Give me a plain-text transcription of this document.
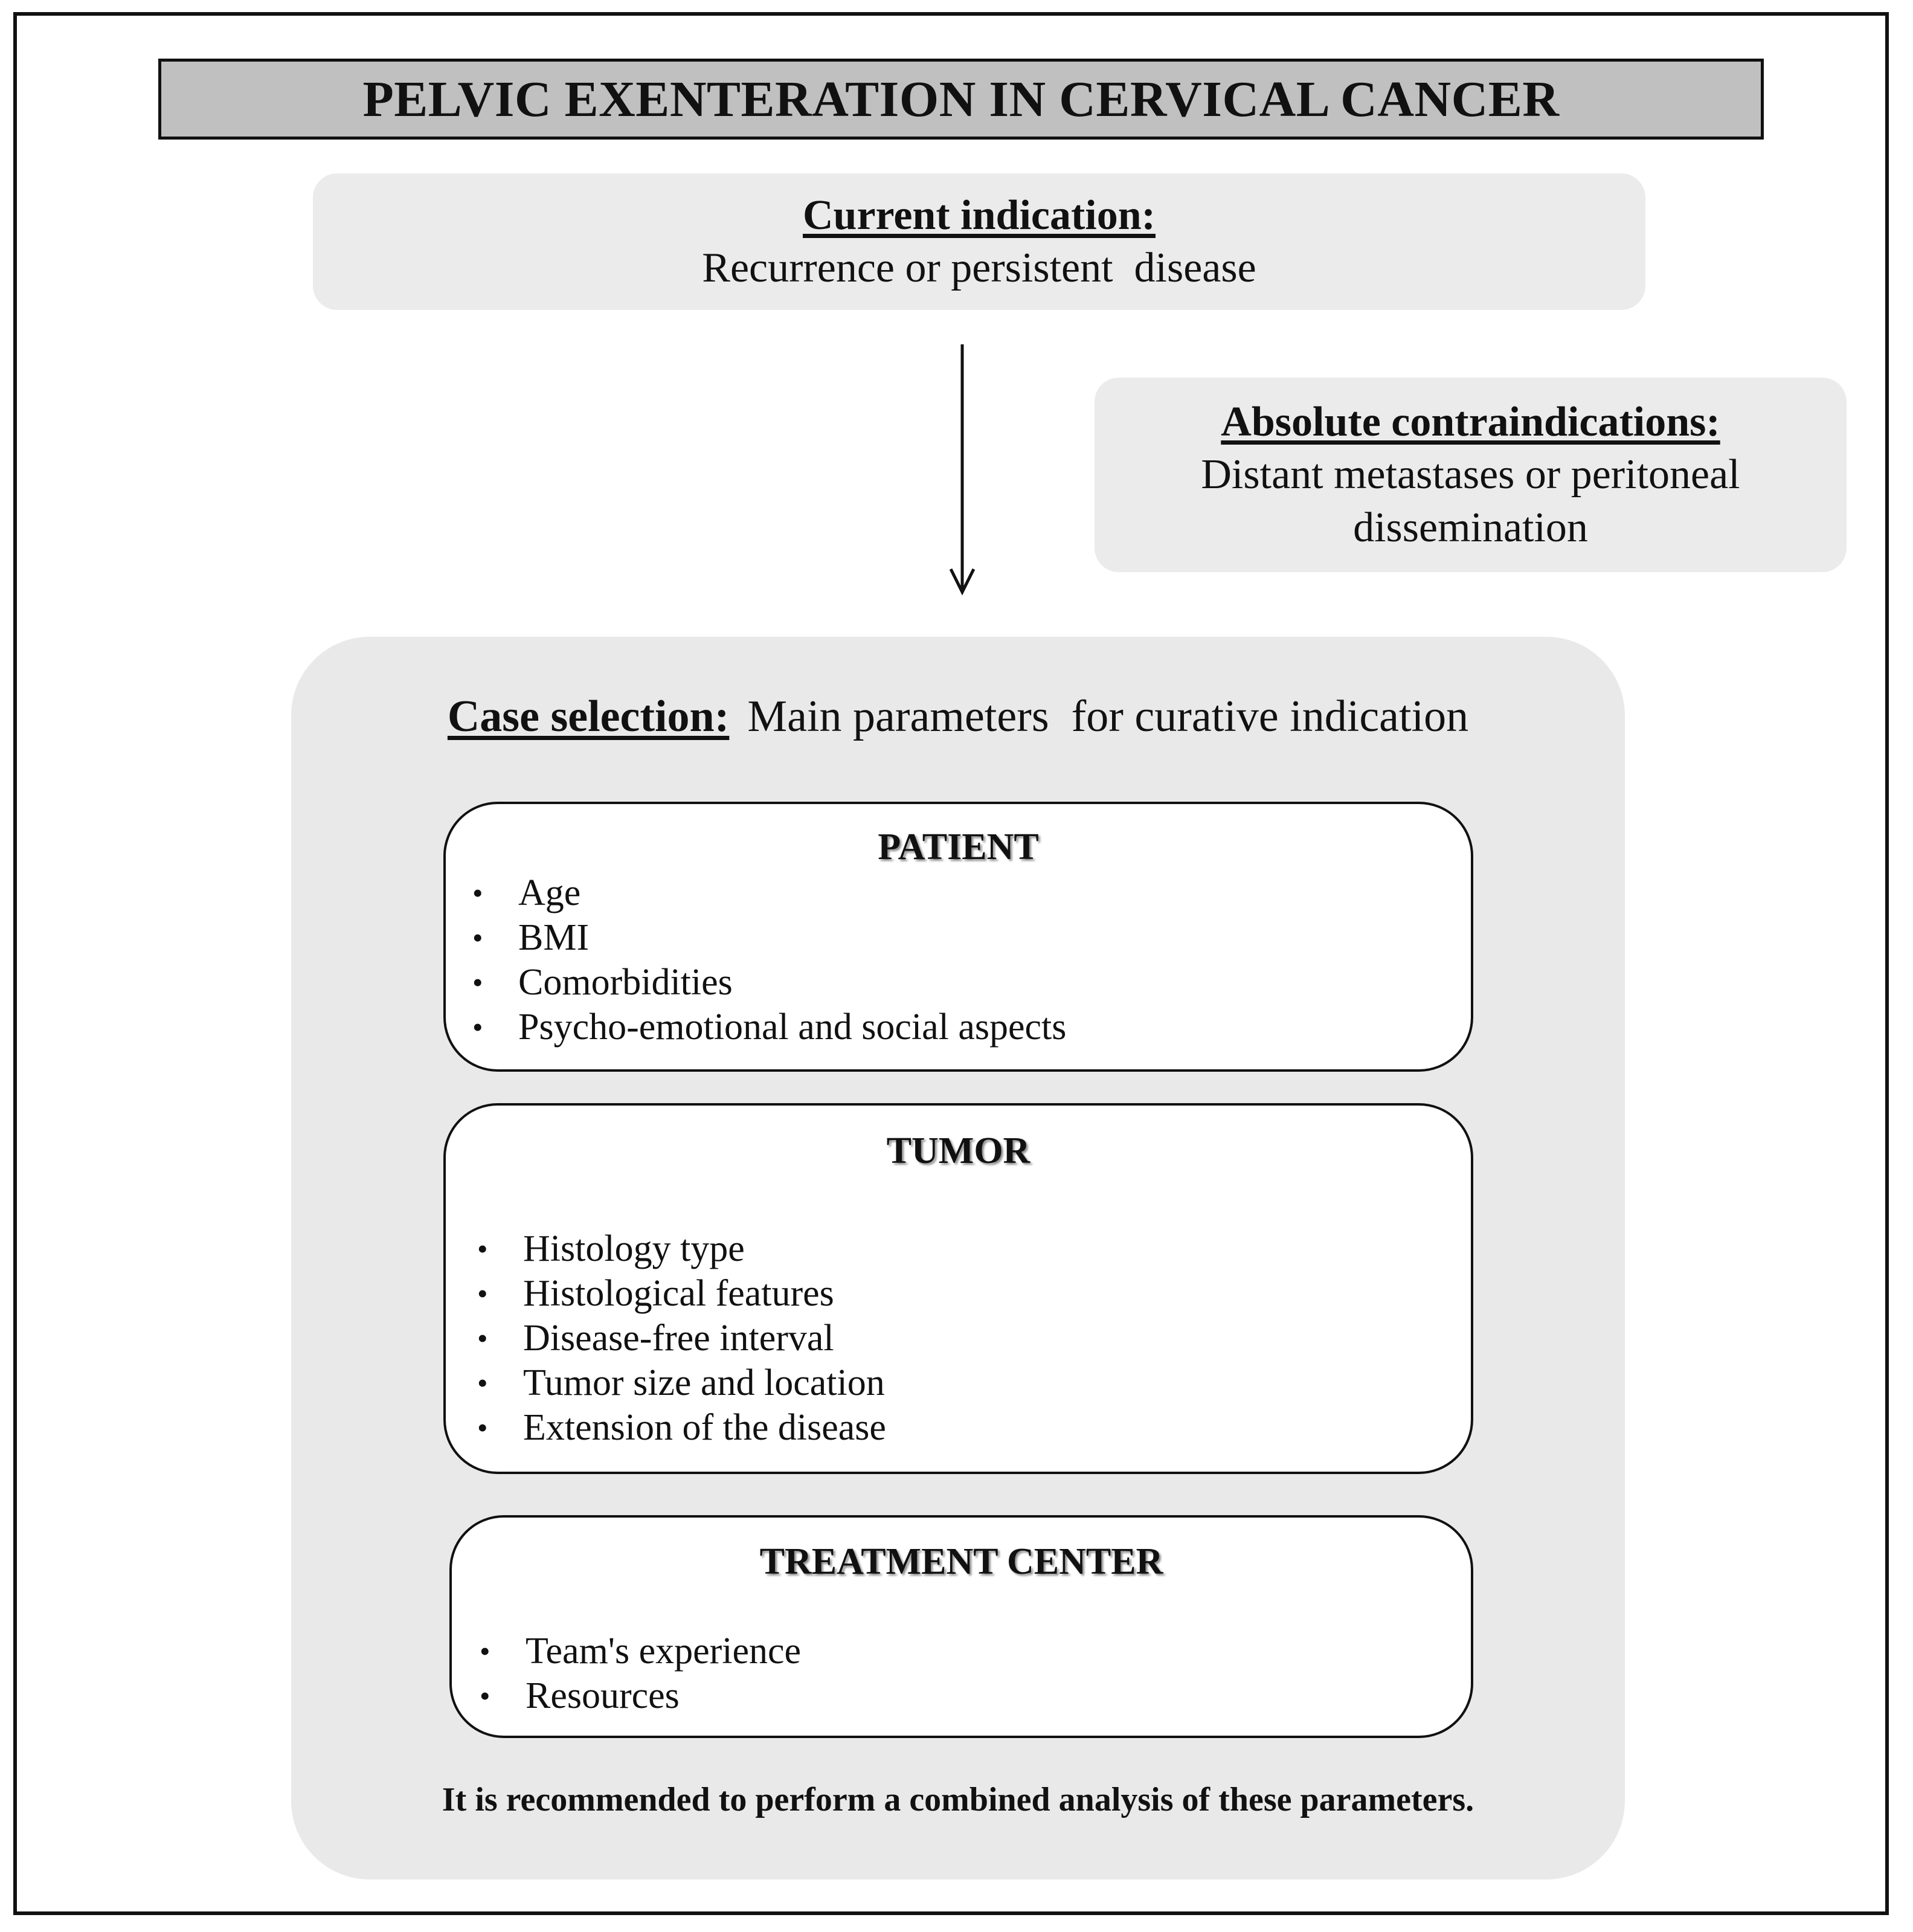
PELVIC EXENTERATION IN CERVICAL CANCER
Current indication:
Recurrence or persistent  disease
Absolute contraindications:
Distant metastases or peritoneal
dissemination
Case selection: Main parameters  for curative indication
PATIENT
• Age
• BMI
• Comorbidities
• Psycho-emotional and social aspects
TUMOR
• Histology type
• Histological features
• Disease-free interval
• Tumor size and location
• Extension of the disease
TREATMENT CENTER
• Team's experience
• Resources
It is recommended to perform a combined analysis of these parameters.
